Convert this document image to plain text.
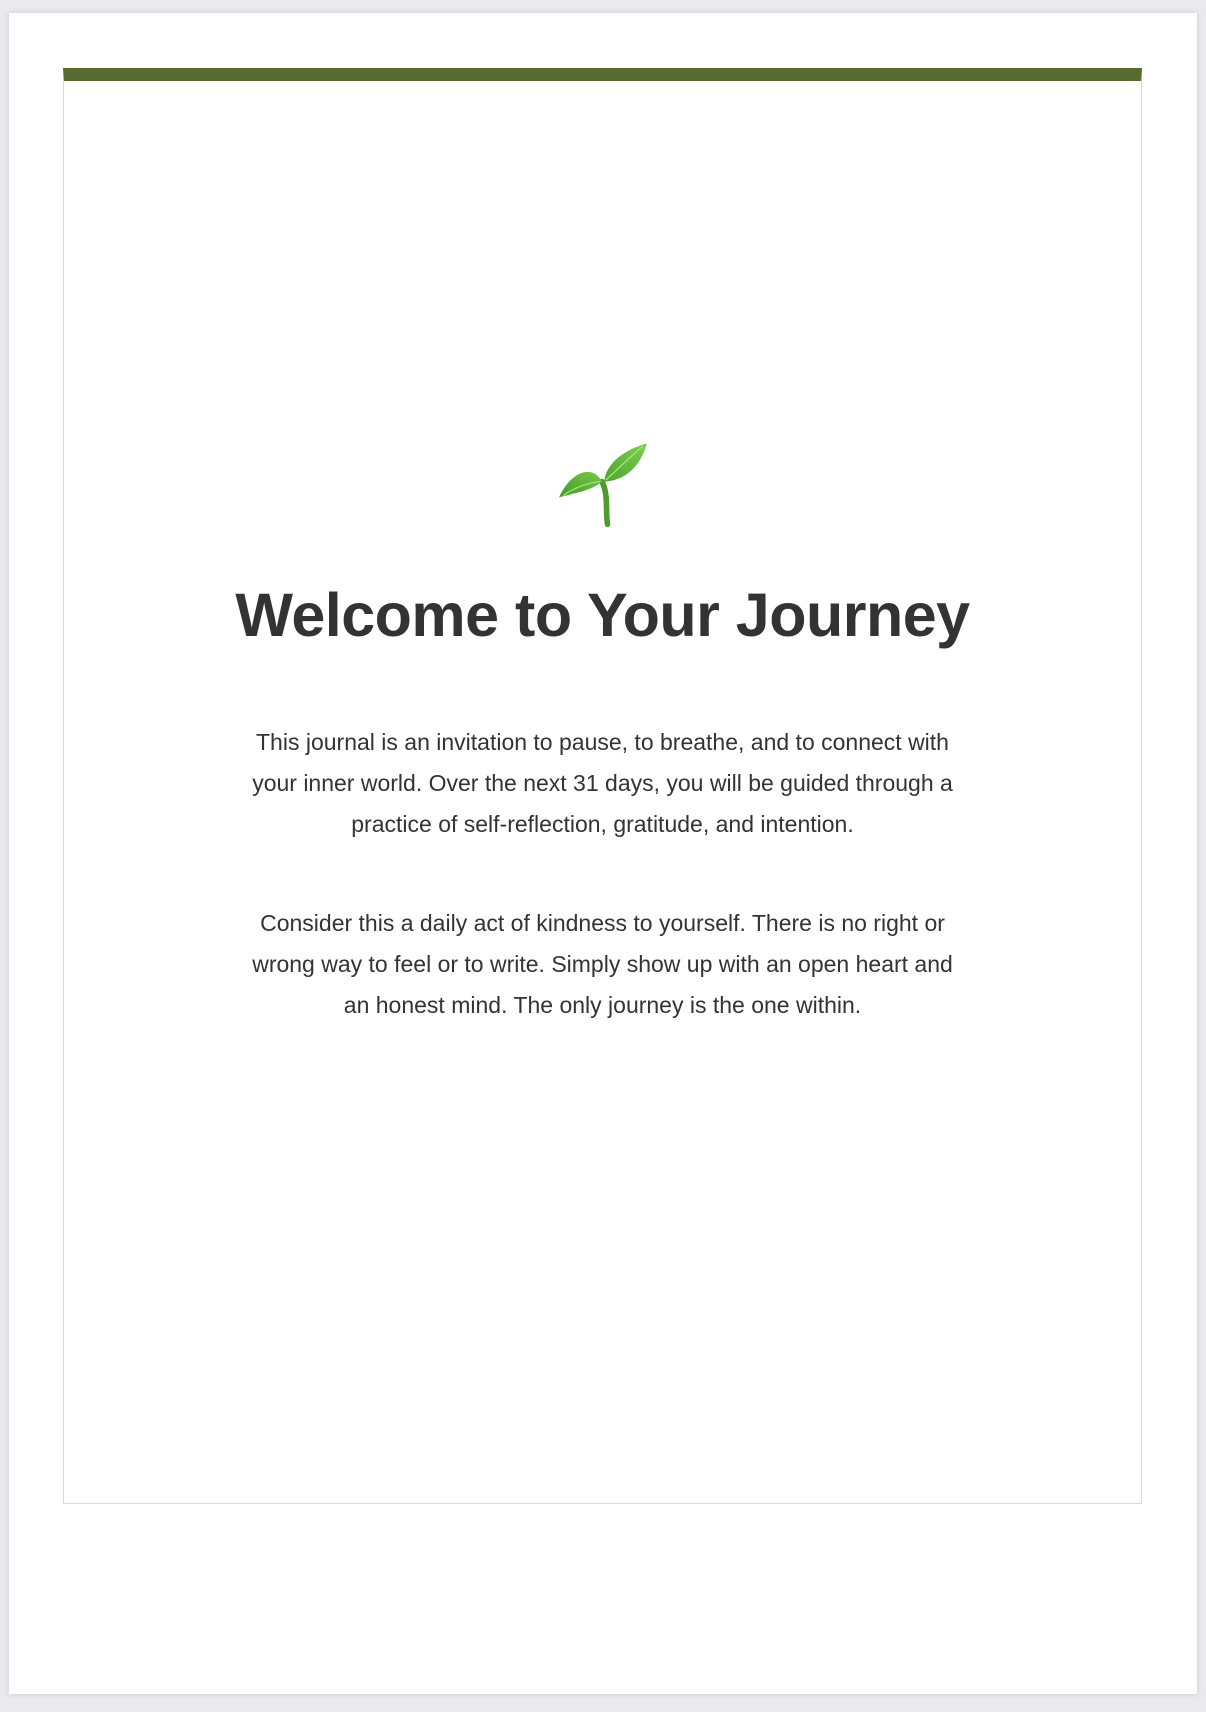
Welcome to Your Journey

This journal is an invitation to pause, to breathe, and to connect with your inner world. Over the next 31 days, you will be guided through a practice of self-reflection, gratitude, and intention.

Consider this a daily act of kindness to yourself. There is no right or wrong way to feel or to write. Simply show up with an open heart and an honest mind. The only journey is the one within.
